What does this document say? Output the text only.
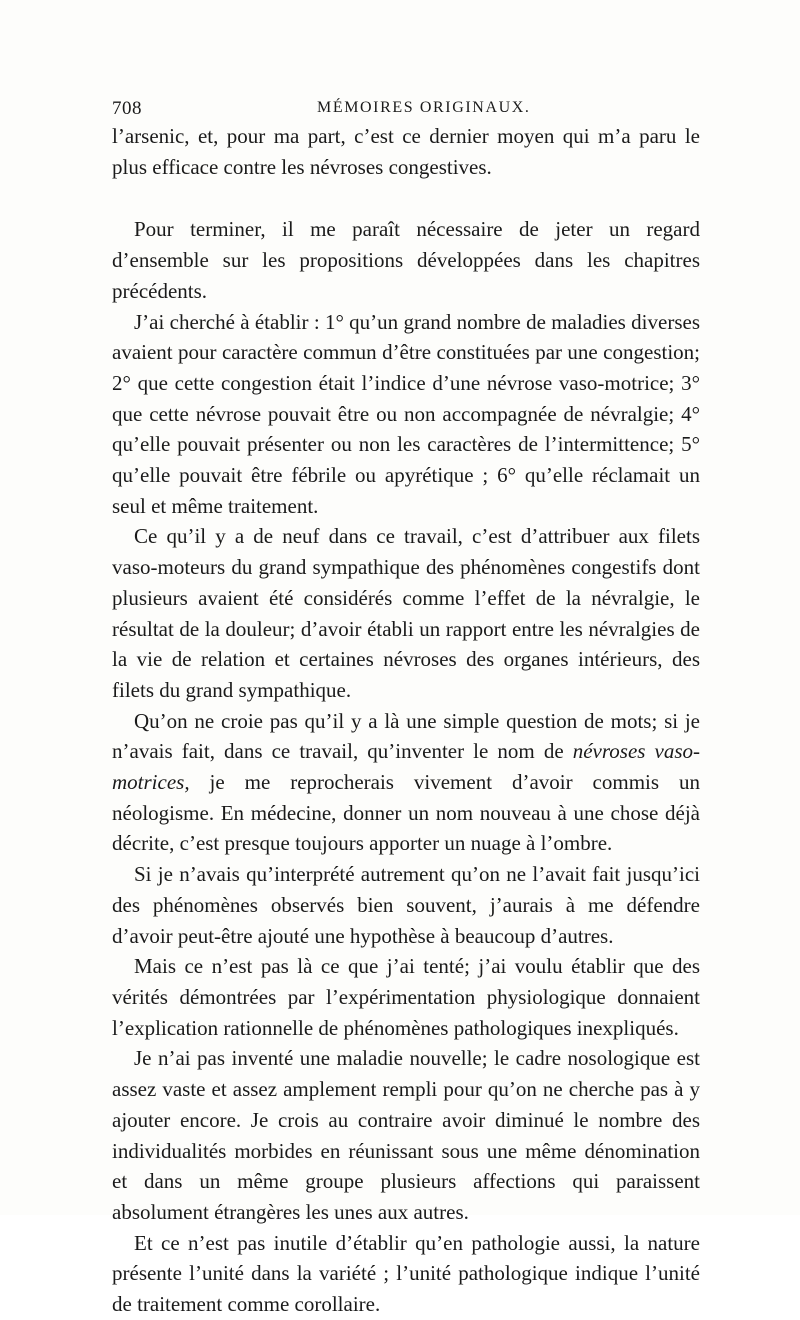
708	MÉMOIRES ORIGINAUX.

l’arsenic, et, pour ma part, c’est ce dernier moyen qui m’a paru le plus efficace contre les névroses congestives.

Pour terminer, il me paraît nécessaire de jeter un regard d’ensemble sur les propositions développées dans les chapitres précédents.

J’ai cherché à établir : 1° qu’un grand nombre de maladies diverses avaient pour caractère commun d’être constituées par une congestion; 2° que cette congestion était l’indice d’une névrose vaso-motrice; 3° que cette névrose pouvait être ou non accompagnée de névralgie; 4° qu’elle pouvait présenter ou non les caractères de l’intermittence; 5° qu’elle pouvait être fébrile ou apyrétique ; 6° qu’elle réclamait un seul et même traitement.

Ce qu’il y a de neuf dans ce travail, c’est d’attribuer aux filets vaso-moteurs du grand sympathique des phénomènes congestifs dont plusieurs avaient été considérés comme l’effet de la névralgie, le résultat de la douleur; d’avoir établi un rapport entre les névralgies de la vie de relation et certaines névroses des organes intérieurs, des filets du grand sympathique.

Qu’on ne croie pas qu’il y a là une simple question de mots; si je n’avais fait, dans ce travail, qu’inventer le nom de névroses vaso-motrices, je me reprocherais vivement d’avoir commis un néologisme. En médecine, donner un nom nouveau à une chose déjà décrite, c’est presque toujours apporter un nuage à l’ombre.

Si je n’avais qu’interprété autrement qu’on ne l’avait fait jusqu’ici des phénomènes observés bien souvent, j’aurais à me défendre d’avoir peut-être ajouté une hypothèse à beaucoup d’autres.

Mais ce n’est pas là ce que j’ai tenté; j’ai voulu établir que des vérités démontrées par l’expérimentation physiologique donnaient l’explication rationnelle de phénomènes pathologiques inexpliqués.

Je n’ai pas inventé une maladie nouvelle; le cadre nosologique est assez vaste et assez amplement rempli pour qu’on ne cherche pas à y ajouter encore. Je crois au contraire avoir diminué le nombre des individualités morbides en réunissant sous une même dénomination et dans un même groupe plusieurs affections qui paraissent absolument étrangères les unes aux autres.

Et ce n’est pas inutile d’établir qu’en pathologie aussi, la nature présente l’unité dans la variété ; l’unité pathologique indique l’unité de traitement comme corollaire.
